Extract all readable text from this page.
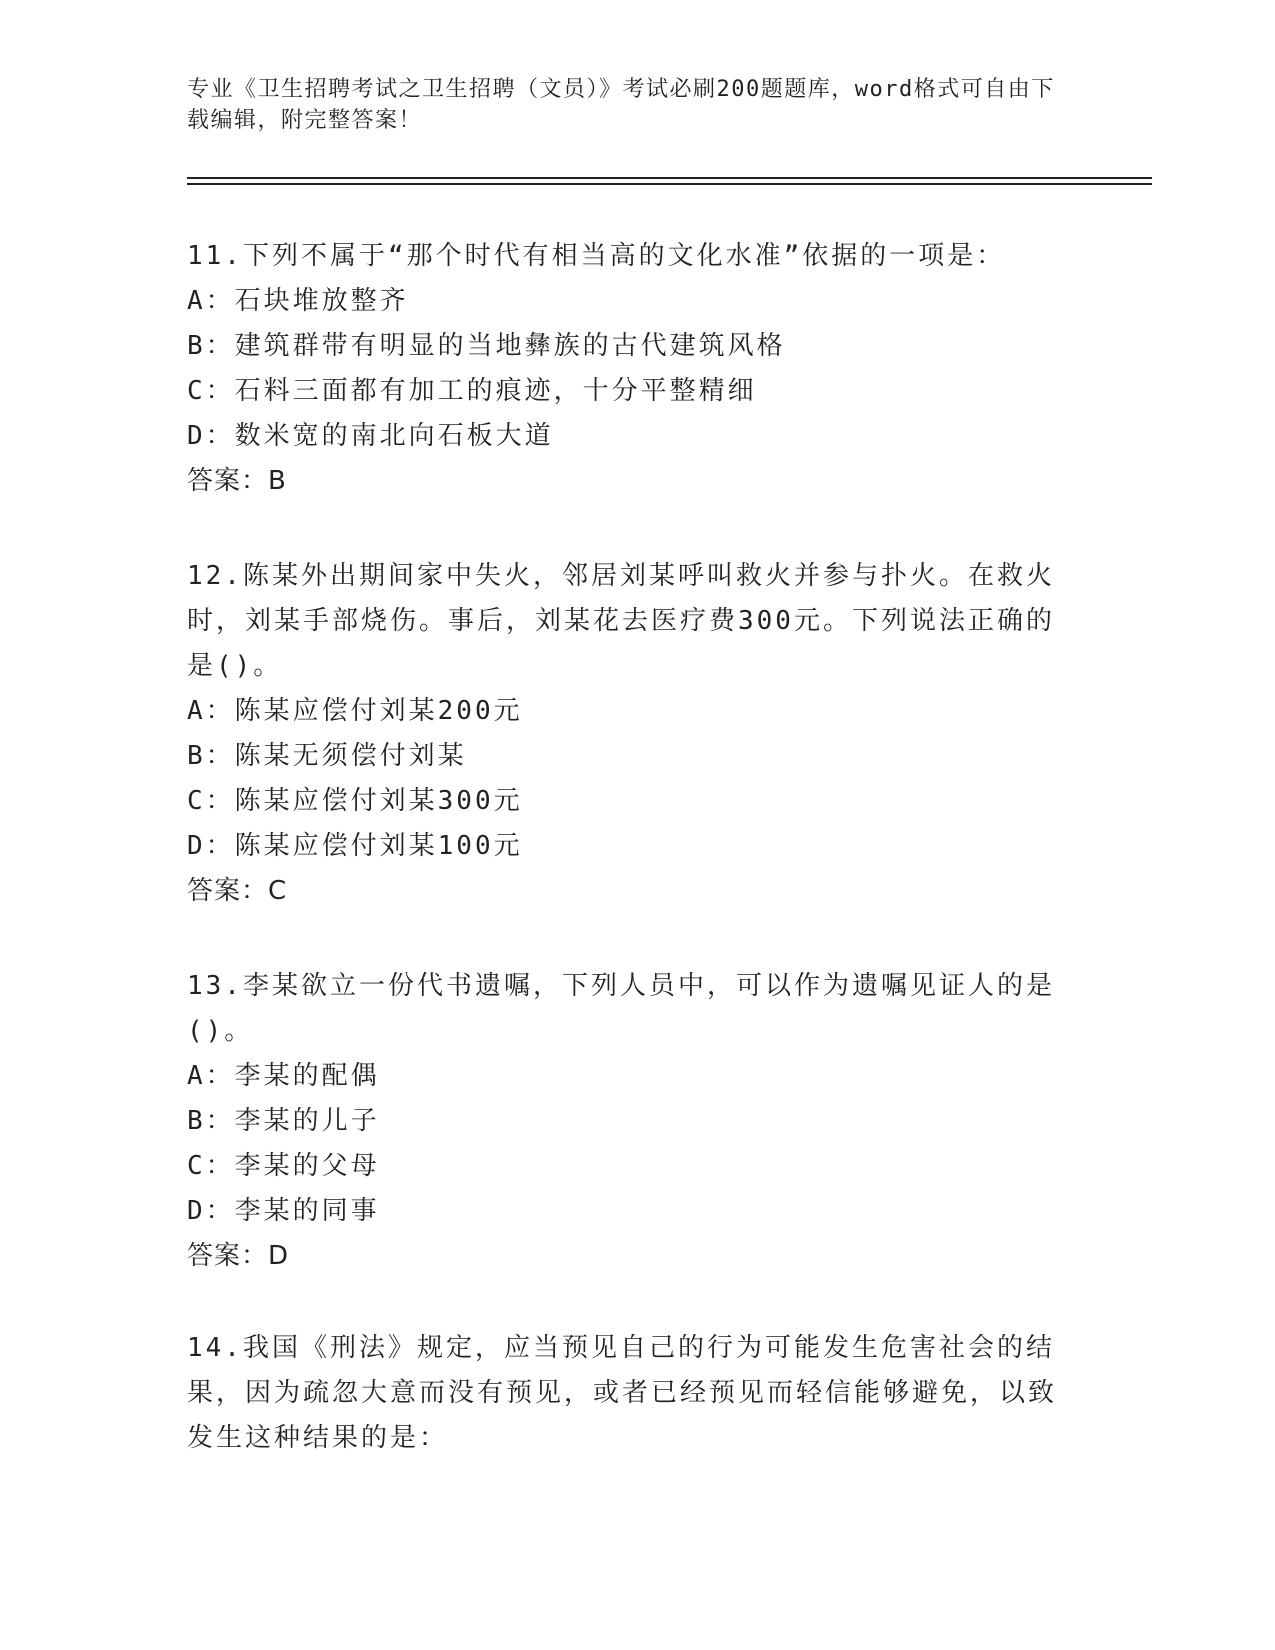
专业《卫生招聘考试之卫生招聘（文员）》考试必刷200题题库，word格式可自由下载编辑，附完整答案！

11.下列不属于“那个时代有相当高的文化水准”依据的一项是：

A：石块堆放整齐

B：建筑群带有明显的当地彝族的古代建筑风格

C：石料三面都有加工的痕迹，十分平整精细

D：数米宽的南北向石板大道

答案：B

12.陈某外出期间家中失火，邻居刘某呼叫救火并参与扑火。在救火时，刘某手部烧伤。事后，刘某花去医疗费300元。下列说法正确的是()。

A：陈某应偿付刘某200元

B：陈某无须偿付刘某

C：陈某应偿付刘某300元

D：陈某应偿付刘某100元

答案：C

13.李某欲立一份代书遗嘱，下列人员中，可以作为遗嘱见证人的是()。

A：李某的配偶

B：李某的儿子

C：李某的父母

D：李某的同事

答案：D

14.我国《刑法》规定，应当预见自己的行为可能发生危害社会的结果，因为疏忽大意而没有预见，或者已经预见而轻信能够避免，以致发生这种结果的是：
